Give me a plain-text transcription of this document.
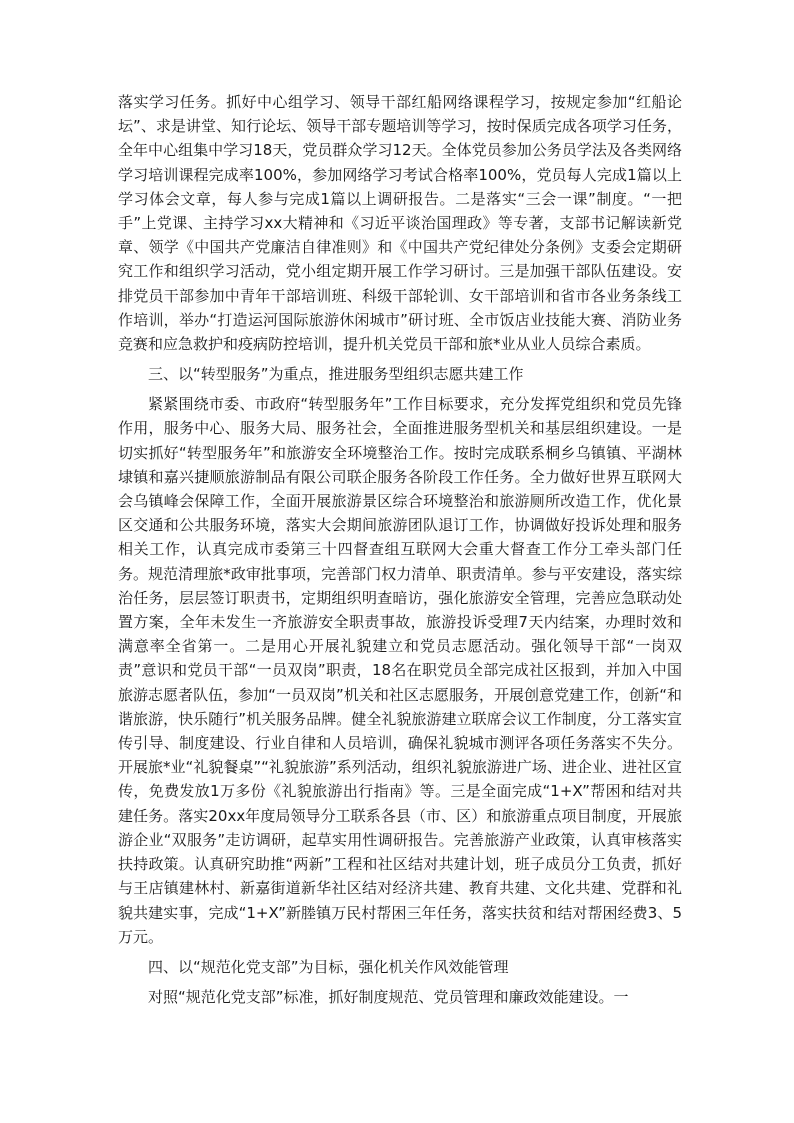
落实学习任务。抓好中心组学习、领导干部红船网络课程学习，按规定参加“红船论坛”、求是讲堂、知行论坛、领导干部专题培训等学习，按时保质完成各项学习任务，全年中心组集中学习18天，党员群众学习12天。全体党员参加公务员学法及各类网络学习培训课程完成率100%，参加网络学习考试合格率100%，党员每人完成1篇以上学习体会文章，每人参与完成1篇以上调研报告。二是落实“三会一课”制度。“一把手”上党课、主持学习xx大精神和《习近平谈治国理政》等专著，支部书记解读新党章、领学《中国共产党廉洁自律准则》和《中国共产党纪律处分条例》支委会定期研究工作和组织学习活动，党小组定期开展工作学习研讨。三是加强干部队伍建设。安排党员干部参加中青年干部培训班、科级干部轮训、女干部培训和省市各业务条线工作培训，举办“打造运河国际旅游休闲城市”研讨班、全市饭店业技能大赛、消防业务竞赛和应急救护和疫病防控培训，提升机关党员干部和旅*业从业人员综合素质。

三、以“转型服务”为重点，推进服务型组织志愿共建工作

紧紧围绕市委、市政府“转型服务年”工作目标要求，充分发挥党组织和党员先锋作用，服务中心、服务大局、服务社会，全面推进服务型机关和基层组织建设。一是切实抓好“转型服务年”和旅游安全环境整治工作。按时完成联系桐乡乌镇镇、平湖林埭镇和嘉兴捷顺旅游制品有限公司联企服务各阶段工作任务。全力做好世界互联网大会乌镇峰会保障工作，全面开展旅游景区综合环境整治和旅游厕所改造工作，优化景区交通和公共服务环境，落实大会期间旅游团队退订工作，协调做好投诉处理和服务相关工作，认真完成市委第三十四督查组互联网大会重大督查工作分工牵头部门任务。规范清理旅*政审批事项，完善部门权力清单、职责清单。参与平安建设，落实综治任务，层层签订职责书，定期组织明查暗访，强化旅游安全管理，完善应急联动处置方案，全年未发生一齐旅游安全职责事故，旅游投诉受理7天内结案，办理时效和满意率全省第一。二是用心开展礼貌建立和党员志愿活动。强化领导干部“一岗双责”意识和党员干部“一员双岗”职责，18名在职党员全部完成社区报到，并加入中国旅游志愿者队伍，参加“一员双岗”机关和社区志愿服务，开展创意党建工作，创新“和谐旅游，快乐随行”机关服务品牌。健全礼貌旅游建立联席会议工作制度，分工落实宣传引导、制度建设、行业自律和人员培训，确保礼貌城市测评各项任务落实不失分。开展旅*业“礼貌餐桌”“礼貌旅游”系列活动，组织礼貌旅游进广场、进企业、进社区宣传，免费发放1万多份《礼貌旅游出行指南》等。三是全面完成“1+X”帮困和结对共建任务。落实20xx年度局领导分工联系各县（市、区）和旅游重点项目制度，开展旅游企业“双服务”走访调研，起草实用性调研报告。完善旅游产业政策，认真审核落实扶持政策。认真研究助推“两新”工程和社区结对共建计划，班子成员分工负责，抓好与王店镇建林村、新嘉街道新华社区结对经济共建、教育共建、文化共建、党群和礼貌共建实事，完成“1+X”新塍镇万民村帮困三年任务，落实扶贫和结对帮困经费3、5万元。

四、以“规范化党支部”为目标，强化机关作风效能管理

对照“规范化党支部”标准，抓好制度规范、党员管理和廉政效能建设。一
